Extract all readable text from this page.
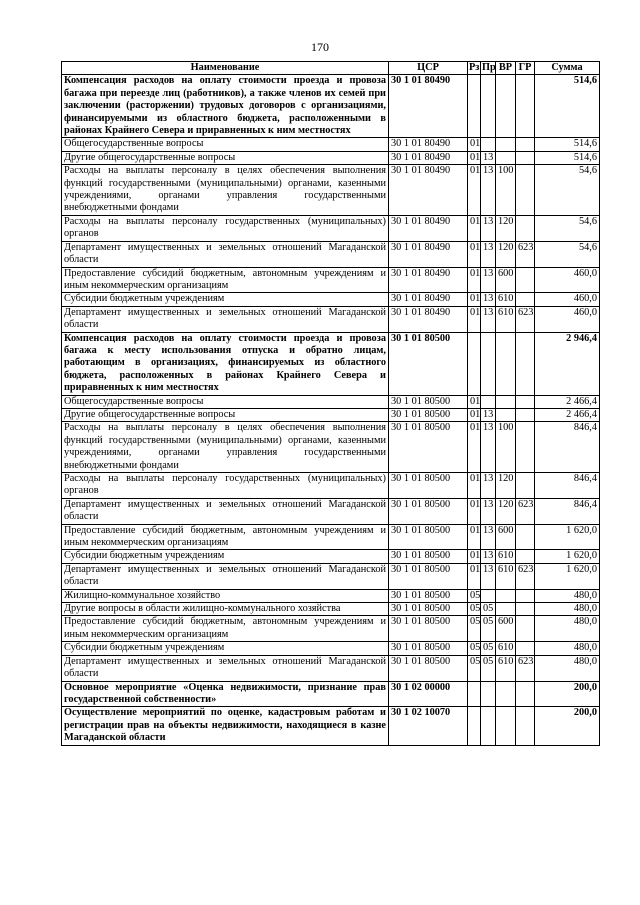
170
Наименование	ЦСР	Рз	Пр	ВР	ГР	Сумма
Компенсация расходов на оплату стоимости проезда и провоза багажа при переезде лиц (работников), а также членов их семей при заключении (расторжении) трудовых договоров с организациями, финансируемыми из областного бюджета, расположенными в районах Крайнего Севера и приравненных к ним местностях	30 1 01 80490					514,6
Общегосударственные вопросы	30 1 01 80490	01				514,6
Другие общегосударственные вопросы	30 1 01 80490	01	13			514,6
Расходы на выплаты персоналу в целях обеспечения выполнения функций государственными (муниципальными) органами, казенными учреждениями, органами управления государственными внебюджетными фондами	30 1 01 80490	01	13	100		54,6
Расходы на выплаты персоналу государственных (муниципальных) органов	30 1 01 80490	01	13	120		54,6
Департамент имущественных и земельных отношений Магаданской области	30 1 01 80490	01	13	120	623	54,6
Предоставление субсидий бюджетным, автономным учреждениям и иным некоммерческим организациям	30 1 01 80490	01	13	600		460,0
Субсидии бюджетным учреждениям	30 1 01 80490	01	13	610		460,0
Департамент имущественных и земельных отношений Магаданской области	30 1 01 80490	01	13	610	623	460,0
Компенсация расходов на оплату стоимости проезда и провоза багажа к месту использования отпуска и обратно лицам, работающим в организациях, финансируемых из областного бюджета, расположенных в районах Крайнего Севера и приравненных к ним местностях	30 1 01 80500					2 946,4
Общегосударственные вопросы	30 1 01 80500	01				2 466,4
Другие общегосударственные вопросы	30 1 01 80500	01	13			2 466,4
Расходы на выплаты персоналу в целях обеспечения выполнения функций государственными (муниципальными) органами, казенными учреждениями, органами управления государственными внебюджетными фондами	30 1 01 80500	01	13	100		846,4
Расходы на выплаты персоналу государственных (муниципальных) органов	30 1 01 80500	01	13	120		846,4
Департамент имущественных и земельных отношений Магаданской области	30 1 01 80500	01	13	120	623	846,4
Предоставление субсидий бюджетным, автономным учреждениям и иным некоммерческим организациям	30 1 01 80500	01	13	600		1 620,0
Субсидии бюджетным учреждениям	30 1 01 80500	01	13	610		1 620,0
Департамент имущественных и земельных отношений Магаданской области	30 1 01 80500	01	13	610	623	1 620,0
Жилищно-коммунальное хозяйство	30 1 01 80500	05				480,0
Другие вопросы в области жилищно-коммунального хозяйства	30 1 01 80500	05	05			480,0
Предоставление субсидий бюджетным, автономным учреждениям и иным некоммерческим организациям	30 1 01 80500	05	05	600		480,0
Субсидии бюджетным учреждениям	30 1 01 80500	05	05	610		480,0
Департамент имущественных и земельных отношений Магаданской области	30 1 01 80500	05	05	610	623	480,0
Основное мероприятие «Оценка недвижимости, признание прав государственной собственности»	30 1 02 00000					200,0
Осуществление мероприятий по оценке, кадастровым работам и регистрации прав на объекты недвижимости, находящиеся в казне Магаданской области	30 1 02 10070					200,0
